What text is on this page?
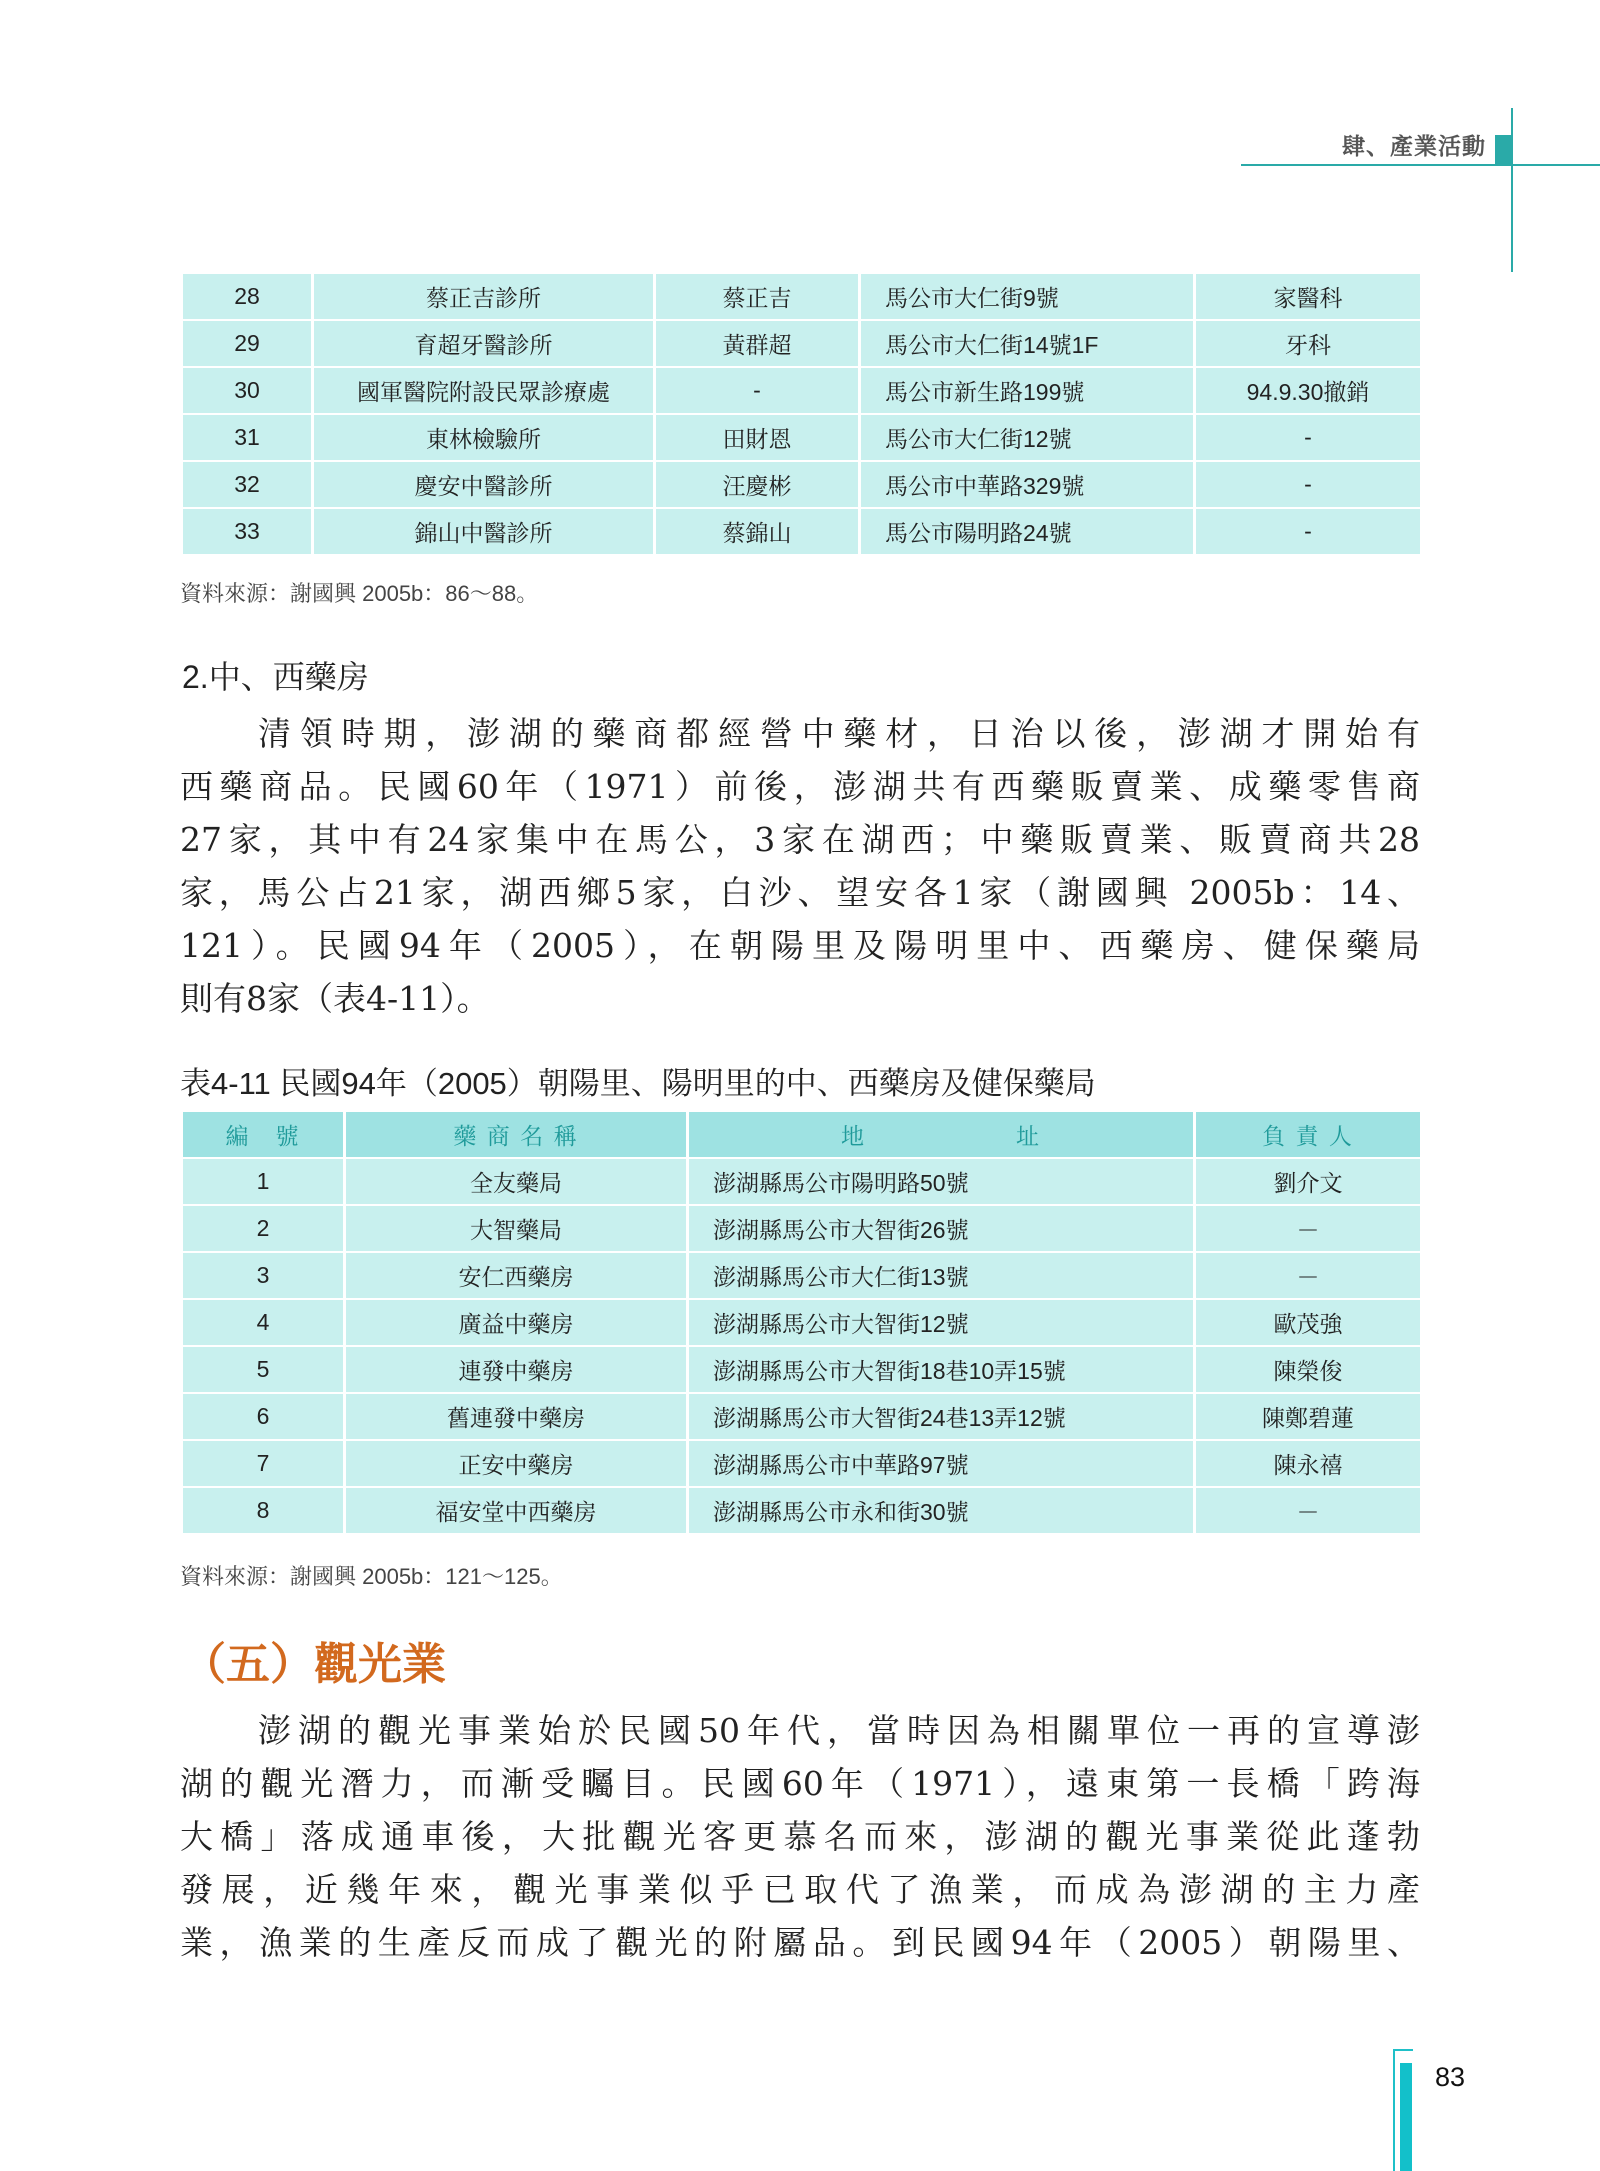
肆、產業活動
28	蔡正吉診所	蔡正吉	馬公市大仁街9號	家醫科
29	育超牙醫診所	黃群超	馬公市大仁街14號1F	牙科
30	國軍醫院附設民眾診療處	-	馬公市新生路199號	94.9.30撤銷
31	東林檢驗所	田財恩	馬公市大仁街12號	-
32	慶安中醫診所	汪慶彬	馬公市中華路329號	-
33	錦山中醫診所	蔡錦山	馬公市陽明路24號	-
資料來源：謝國興 2005b：86～88。
2.中、西藥房
清領時期，澎湖的藥商都經營中藥材，日治以後，澎湖才開始有
西藥商品。民國60年（1971）前後，澎湖共有西藥販賣業、成藥零售商
27家，其中有24家集中在馬公，3家在湖西；中藥販賣業、販賣商共28
家，馬公占21家，湖西鄉5家，白沙、望安各1家（謝國興 2005b：14、
121）。民國94年（2005），在朝陽里及陽明里中、西藥房、健保藥局
則有8家（表4-11）。
表4-11 民國94年（2005）朝陽里、陽明里的中、西藥房及健保藥局
編　號	藥 商 名 稱	地　　　　　　址	負 責 人
1	全友藥局	澎湖縣馬公市陽明路50號	劉介文
2	大智藥局	澎湖縣馬公市大智街26號	－
3	安仁西藥房	澎湖縣馬公市大仁街13號	－
4	廣益中藥房	澎湖縣馬公市大智街12號	歐茂強
5	連發中藥房	澎湖縣馬公市大智街18巷10弄15號	陳榮俊
6	舊連發中藥房	澎湖縣馬公市大智街24巷13弄12號	陳鄭碧蓮
7	正安中藥房	澎湖縣馬公市中華路97號	陳永禧
8	福安堂中西藥房	澎湖縣馬公市永和街30號	－
資料來源：謝國興 2005b：121～125。
（五）觀光業
澎湖的觀光事業始於民國50年代，當時因為相關單位一再的宣導澎
湖的觀光潛力，而漸受矚目。民國60年（1971），遠東第一長橋「跨海
大橋」落成通車後，大批觀光客更慕名而來，澎湖的觀光事業從此蓬勃
發展，近幾年來，觀光事業似乎已取代了漁業，而成為澎湖的主力產
業，漁業的生產反而成了觀光的附屬品。到民國94年（2005）朝陽里、
83
